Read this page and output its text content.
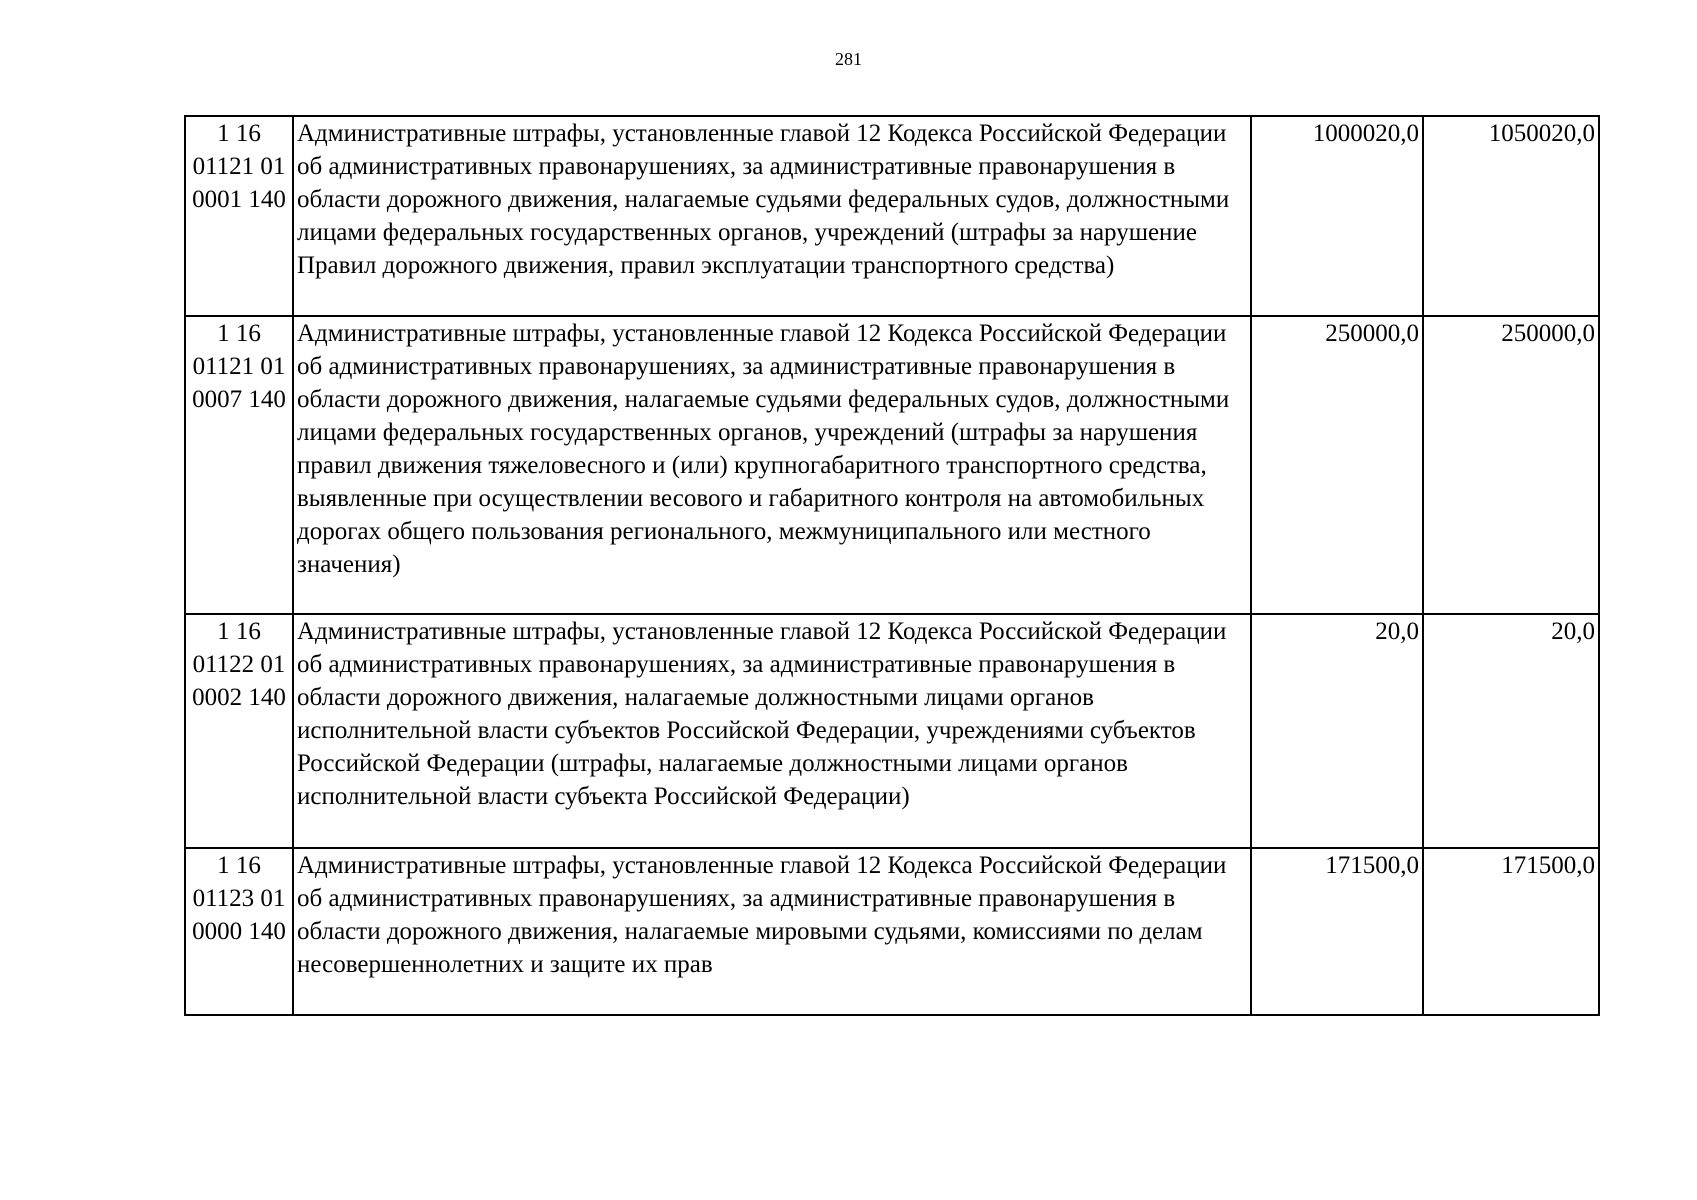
281
1 16 01121 01 0001 140	Административные штрафы, установленные главой 12 Кодекса Российской Федерации об административных правонарушениях, за административные правонарушения в области дорожного движения, налагаемые судьями федеральных судов, должностными лицами федеральных государственных органов, учреждений (штрафы за нарушение Правил дорожного движения, правил эксплуатации транспортного средства)	1000020,0	1050020,0
1 16 01121 01 0007 140	Административные штрафы, установленные главой 12 Кодекса Российской Федерации об административных правонарушениях, за административные правонарушения в области дорожного движения, налагаемые судьями федеральных судов, должностными лицами федеральных государственных органов, учреждений (штрафы за нарушения правил движения тяжеловесного и (или) крупногабаритного транспортного средства, выявленные при осуществлении весового и габаритного контроля на автомобильных дорогах общего пользования регионального, межмуниципального или местного значения)	250000,0	250000,0
1 16 01122 01 0002 140	Административные штрафы, установленные главой 12 Кодекса Российской Федерации об административных правонарушениях, за административные правонарушения в области дорожного движения, налагаемые должностными лицами органов исполнительной власти субъектов Российской Федерации, учреждениями субъектов Российской Федерации (штрафы, налагаемые должностными лицами органов исполнительной власти субъекта Российской Федерации)	20,0	20,0
1 16 01123 01 0000 140	Административные штрафы, установленные главой 12 Кодекса Российской Федерации об административных правонарушениях, за административные правонарушения в области дорожного движения, налагаемые мировыми судьями, комиссиями по делам несовершеннолетних и защите их прав	171500,0	171500,0
